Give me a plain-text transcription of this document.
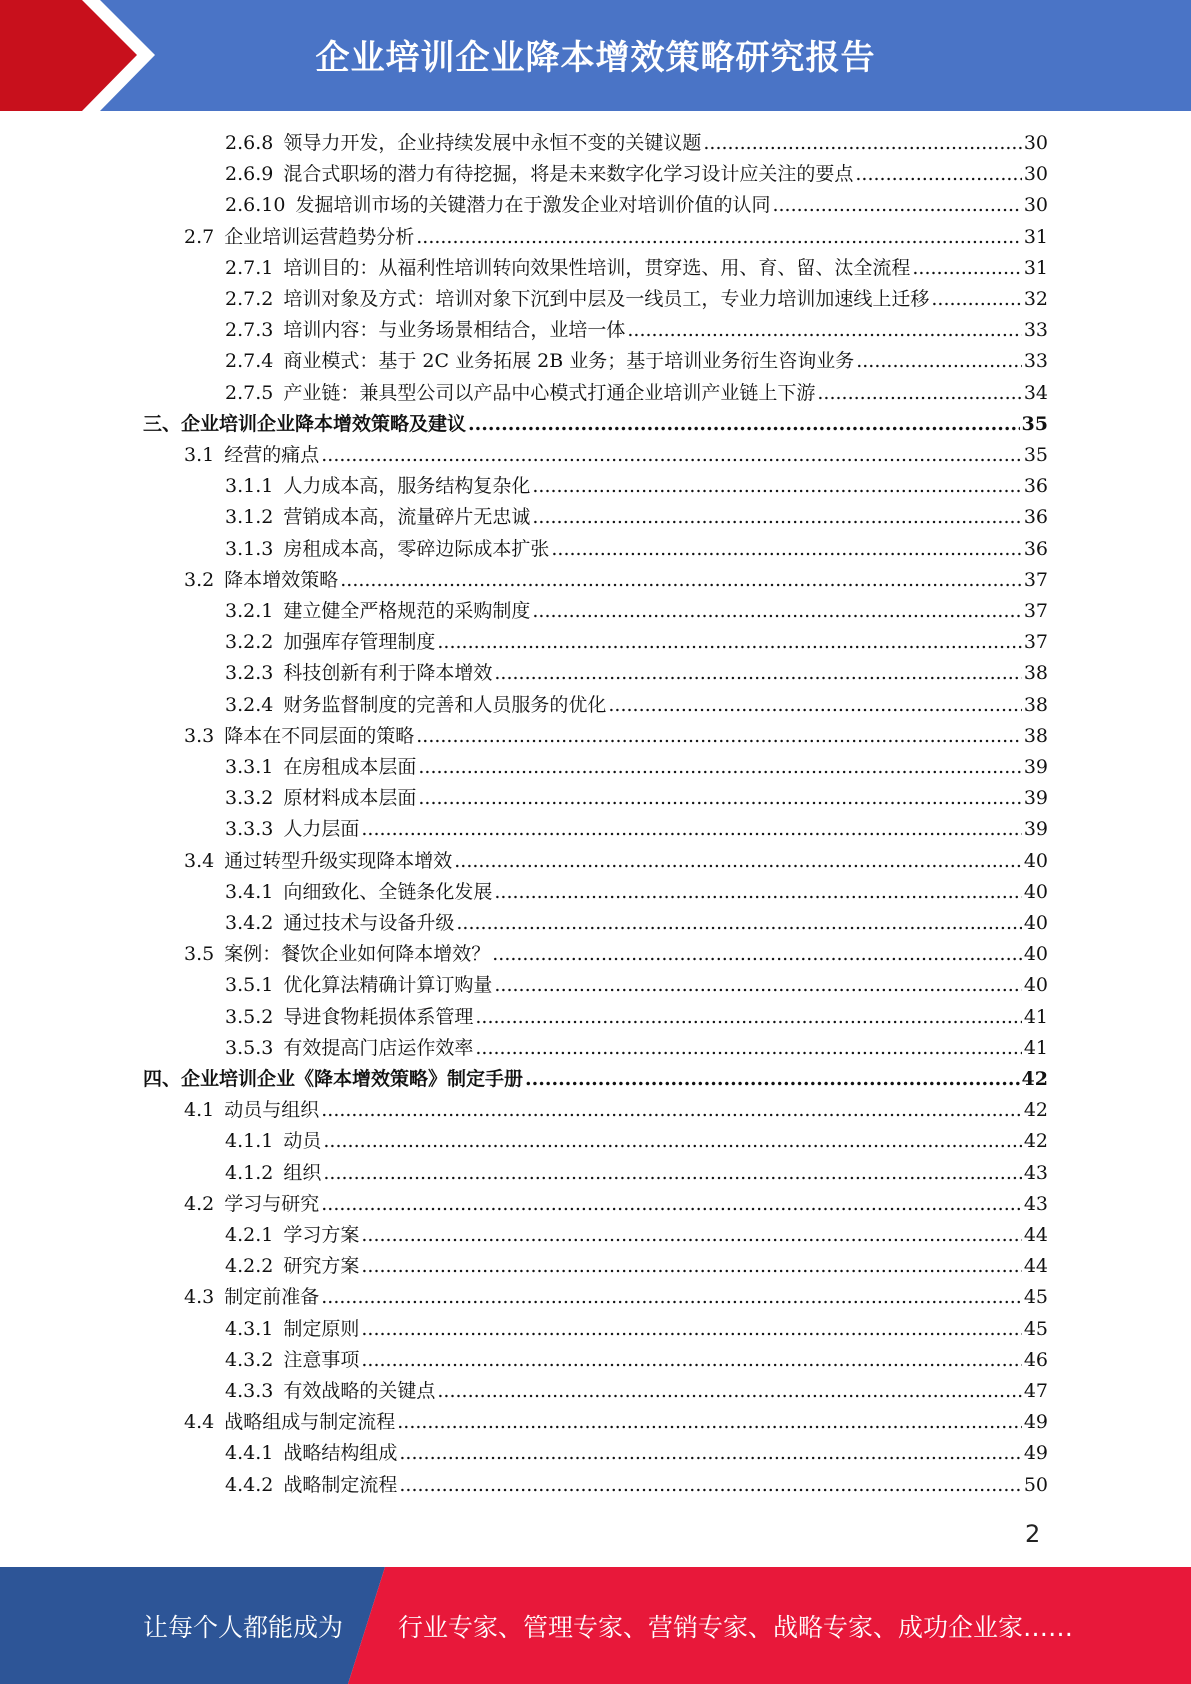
企业培训企业降本增效策略研究报告
2.6.8 领导力开发，企业持续发展中永恒不变的关键议题 .....	30
2.6.9 混合式职场的潜力有待挖掘，将是未来数字化学习设计应关注的要点 .....	30
2.6.10 发掘培训市场的关键潜力在于激发企业对培训价值的认同 .....	30
2.7 企业培训运营趋势分析 .....	31
2.7.1 培训目的：从福利性培训转向效果性培训，贯穿选、用、育、留、汰全流程 .....	31
2.7.2 培训对象及方式：培训对象下沉到中层及一线员工，专业力培训加速线上迁移 .....	32
2.7.3 培训内容：与业务场景相结合，业培一体 .....	33
2.7.4 商业模式：基于 2C 业务拓展 2B 业务；基于培训业务衍生咨询业务 .....	33
2.7.5 产业链：兼具型公司以产品中心模式打通企业培训产业链上下游 .....	34
三、 企业培训企业降本增效策略及建议 .....	35
3.1 经营的痛点 .....	35
3.1.1 人力成本高，服务结构复杂化 .....	36
3.1.2 营销成本高，流量碎片无忠诚 .....	36
3.1.3 房租成本高，零碎边际成本扩张 .....	36
3.2 降本增效策略 .....	37
3.2.1 建立健全严格规范的采购制度 .....	37
3.2.2 加强库存管理制度 .....	37
3.2.3 科技创新有利于降本增效 .....	38
3.2.4 财务监督制度的完善和人员服务的优化 .....	38
3.3 降本在不同层面的策略 .....	38
3.3.1 在房租成本层面 .....	39
3.3.2 原材料成本层面 .....	39
3.3.3 人力层面 .....	39
3.4 通过转型升级实现降本增效 .....	40
3.4.1 向细致化、全链条化发展 .....	40
3.4.2 通过技术与设备升级 .....	40
3.5 案例：餐饮企业如何降本增效？ .....	40
3.5.1 优化算法精确计算订购量 .....	40
3.5.2 导进食物耗损体系管理 .....	41
3.5.3 有效提高门店运作效率 .....	41
四、 企业培训企业《降本增效策略》制定手册 .....	42
4.1 动员与组织 .....	42
4.1.1 动员 .....	42
4.1.2 组织 .....	43
4.2 学习与研究 .....	43
4.2.1 学习方案 .....	44
4.2.2 研究方案 .....	44
4.3 制定前准备 .....	45
4.3.1 制定原则 .....	45
4.3.2 注意事项 .....	46
4.3.3 有效战略的关键点 .....	47
4.4 战略组成与制定流程 .....	49
4.4.1 战略结构组成 .....	49
4.4.2 战略制定流程 .....	50
2
让每个人都能成为 行业专家、管理专家、营销专家、战略专家、成功企业家……
